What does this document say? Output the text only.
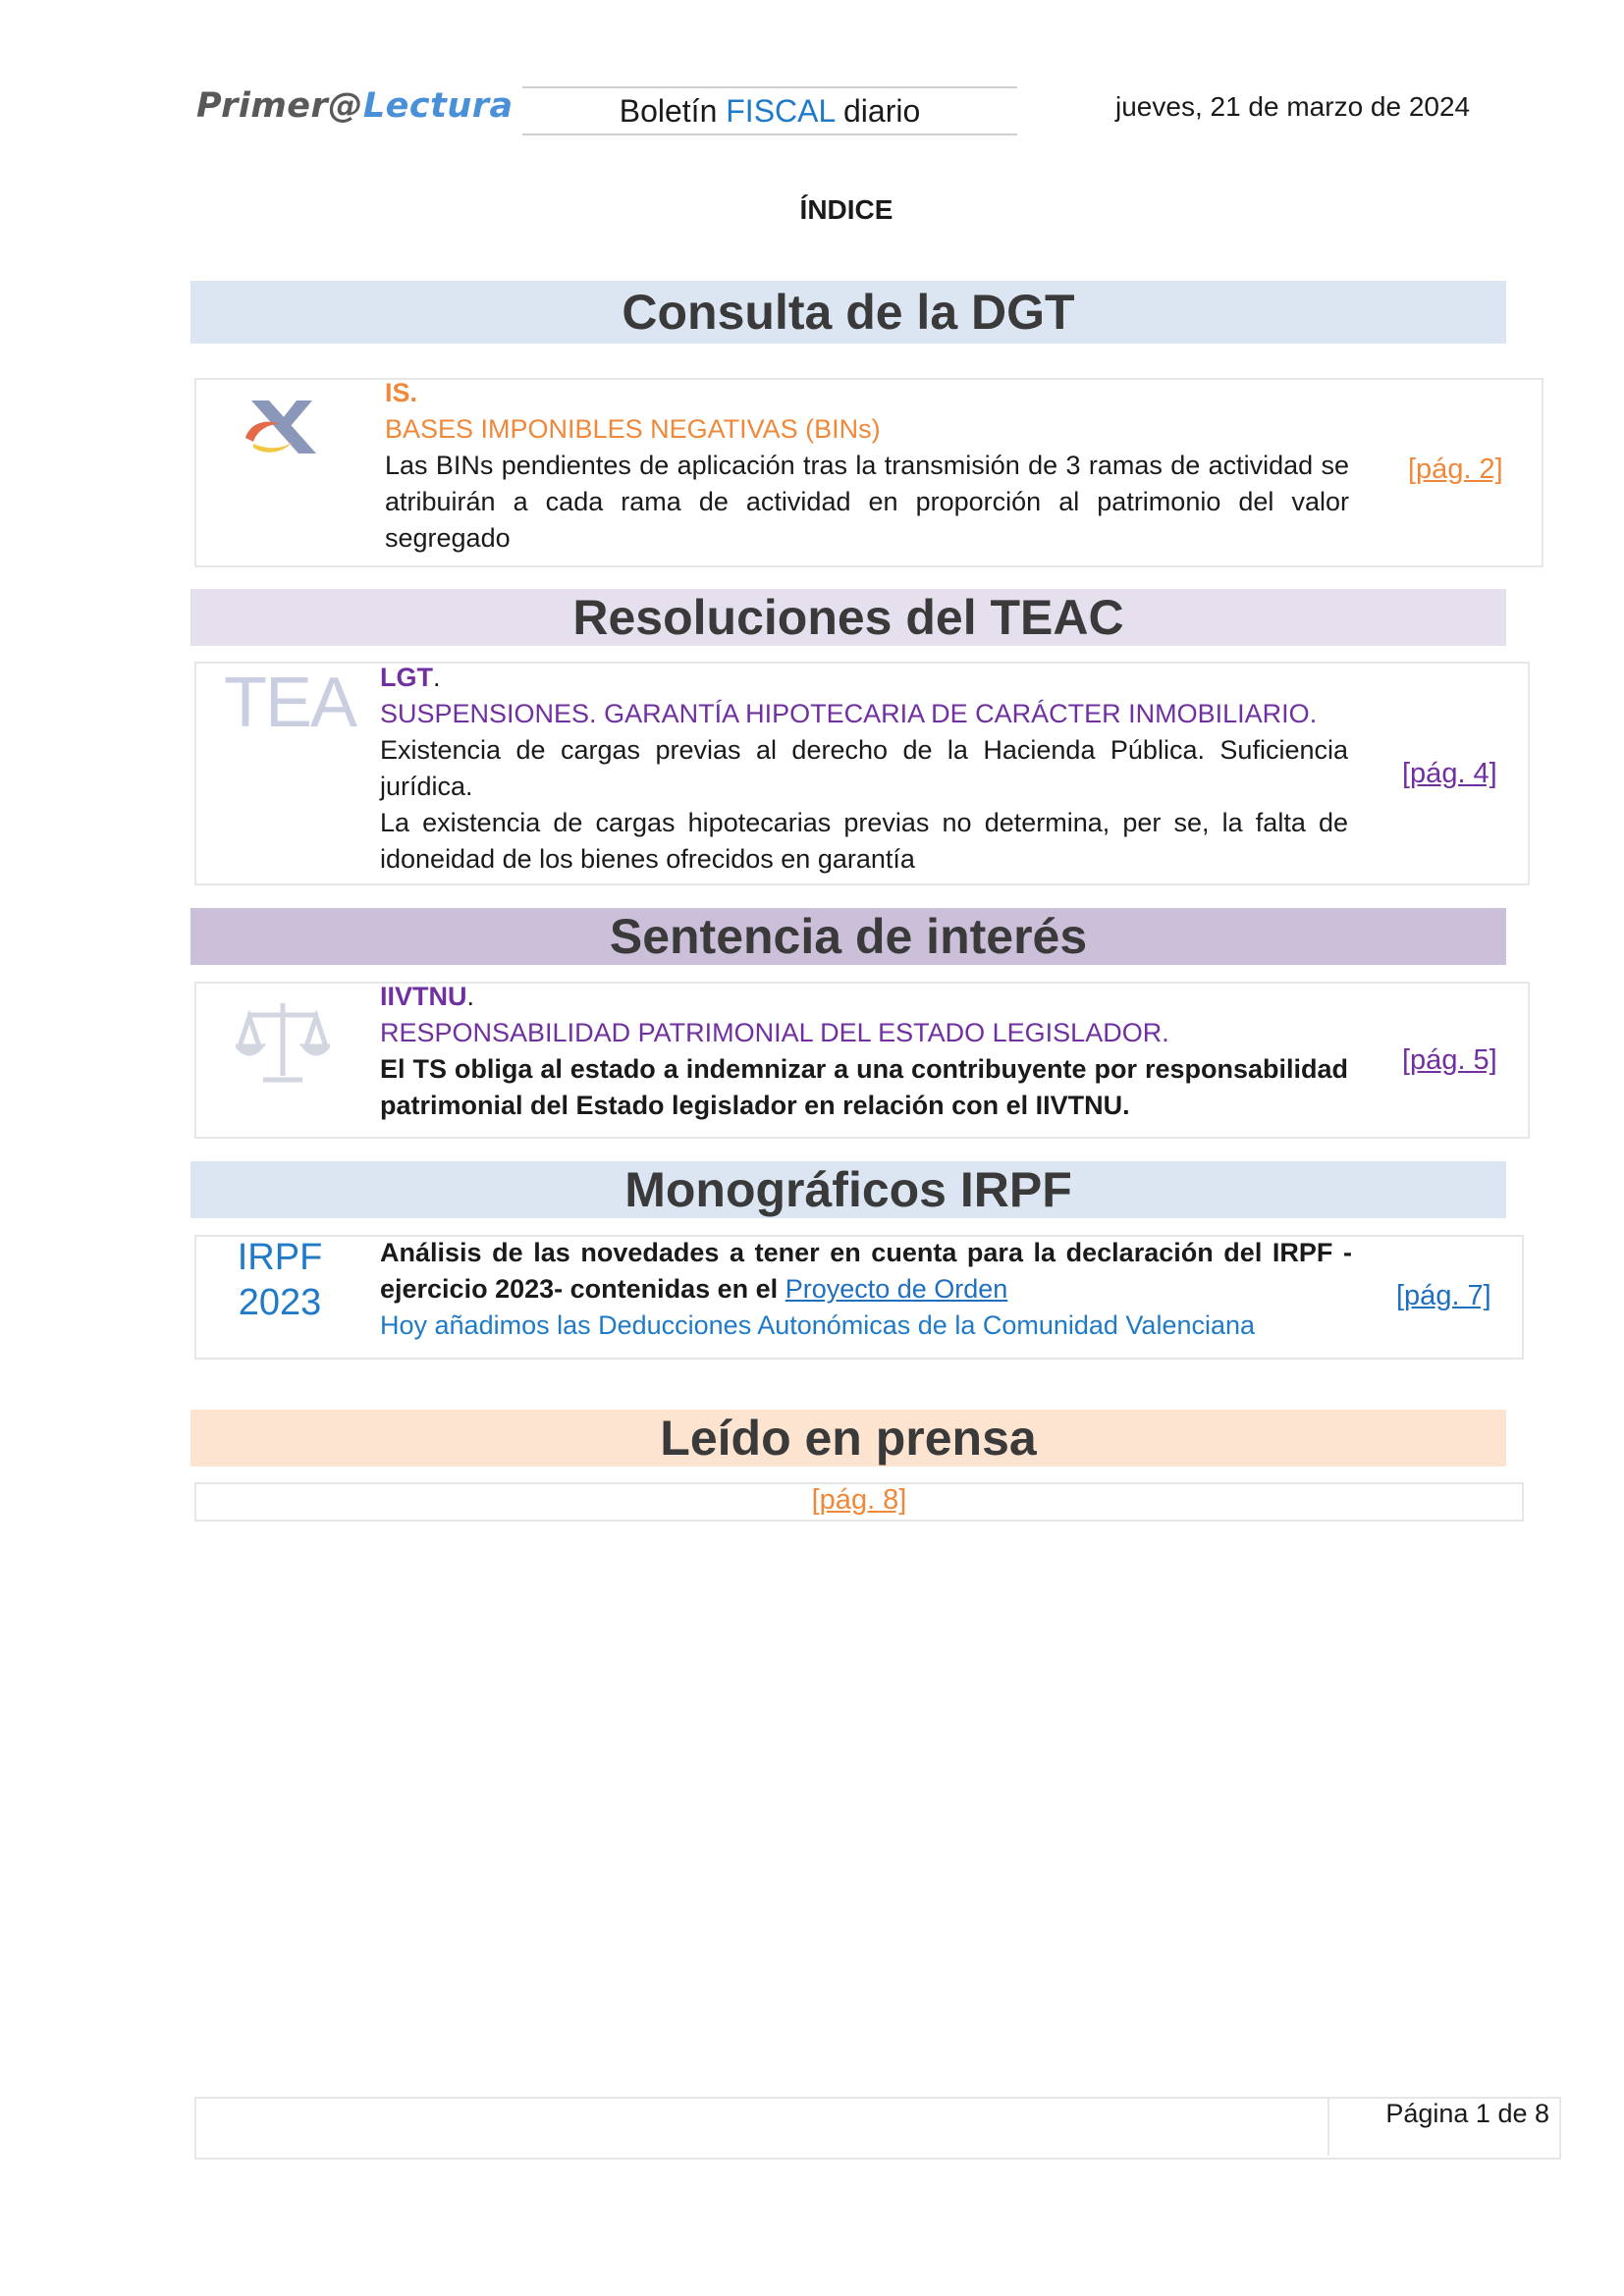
Primer@Lectura	Boletín FISCAL diario	jueves, 21 de marzo de 2024
ÍNDICE
Consulta de la DGT
IS.
BASES IMPONIBLES NEGATIVAS (BINs)
Las BINs pendientes de aplicación tras la transmisión de 3 ramas de actividad se atribuirán a cada rama de actividad en proporción al patrimonio del valor segregado
[pág. 2]
Resoluciones del TEAC
TEA LGT.
SUSPENSIONES. GARANTÍA HIPOTECARIA DE CARÁCTER INMOBILIARIO.
Existencia de cargas previas al derecho de la Hacienda Pública. Suficiencia jurídica.
La existencia de cargas hipotecarias previas no determina, per se, la falta de idoneidad de los bienes ofrecidos en garantía
[pág. 4]
Sentencia de interés
IIVTNU.
RESPONSABILIDAD PATRIMONIAL DEL ESTADO LEGISLADOR.
El TS obliga al estado a indemnizar a una contribuyente por responsabilidad patrimonial del Estado legislador en relación con el IIVTNU.
[pág. 5]
Monográficos IRPF
IRPF
2023
Análisis de las novedades a tener en cuenta para la declaración del IRPF - ejercicio 2023- contenidas en el Proyecto de Orden
Hoy añadimos las Deducciones Autonómicas de la Comunidad Valenciana
[pág. 7]
Leído en prensa
[pág. 8]
Página 1 de 8
